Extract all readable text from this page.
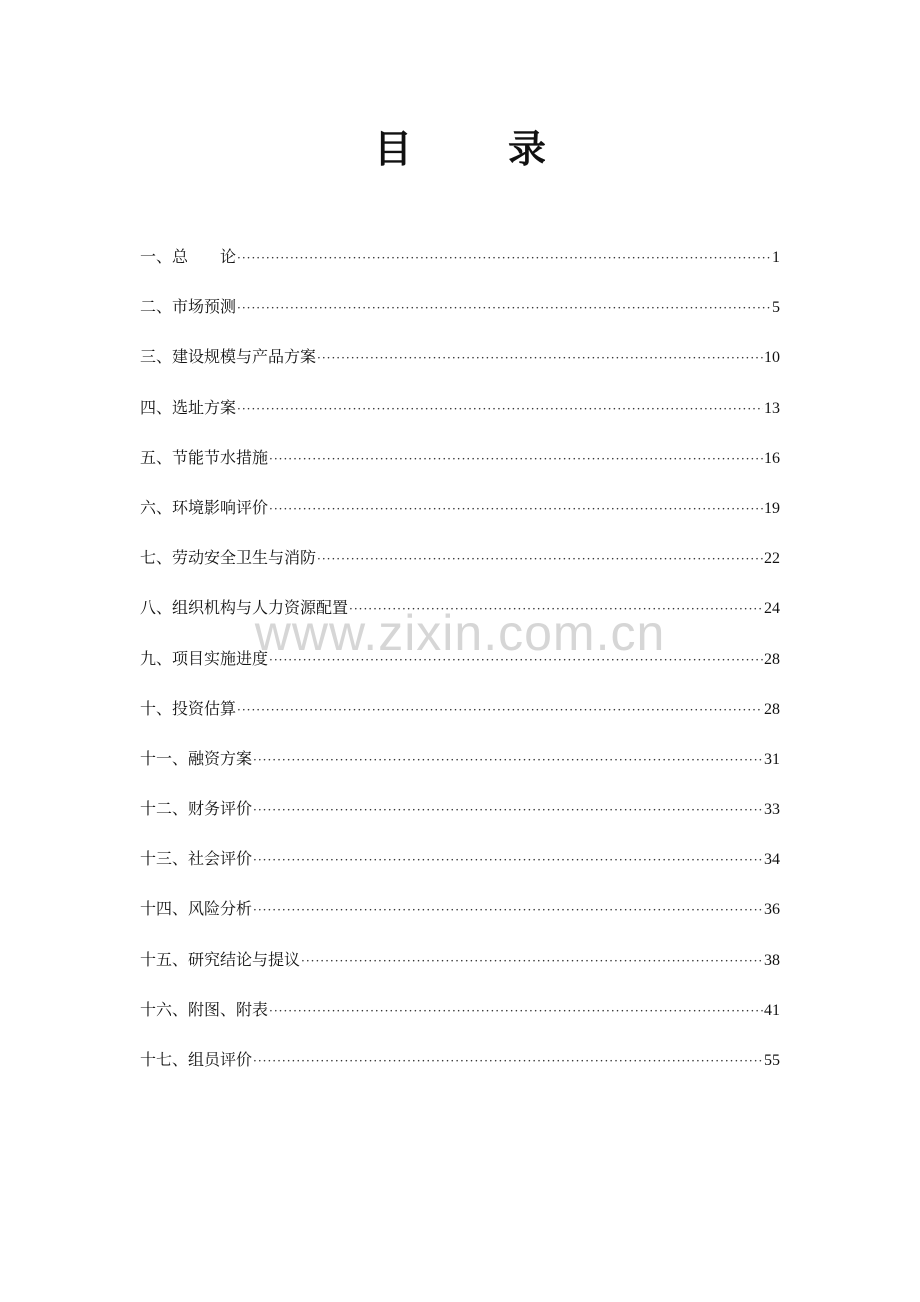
目	录
一、总　　论 ·····	1
二、市场预测 ·····	5
三、建设规模与产品方案 ·····	10
四、选址方案 ·····	13
五、节能节水措施 ·····	16
六、环境影响评价 ·····	19
七、劳动安全卫生与消防 ·····	22
八、组织机构与人力资源配置 ·····	24
九、项目实施进度 ·····	28
十、投资估算 ·····	28
十一、融资方案 ·····	31
十二、财务评价 ·····	33
十三、社会评价 ·····	34
十四、风险分析 ·····	36
十五、研究结论与提议 ·····	38
十六、附图、附表 ·····	41
十七、组员评价 ·····	55
www.zixin.com.cn
